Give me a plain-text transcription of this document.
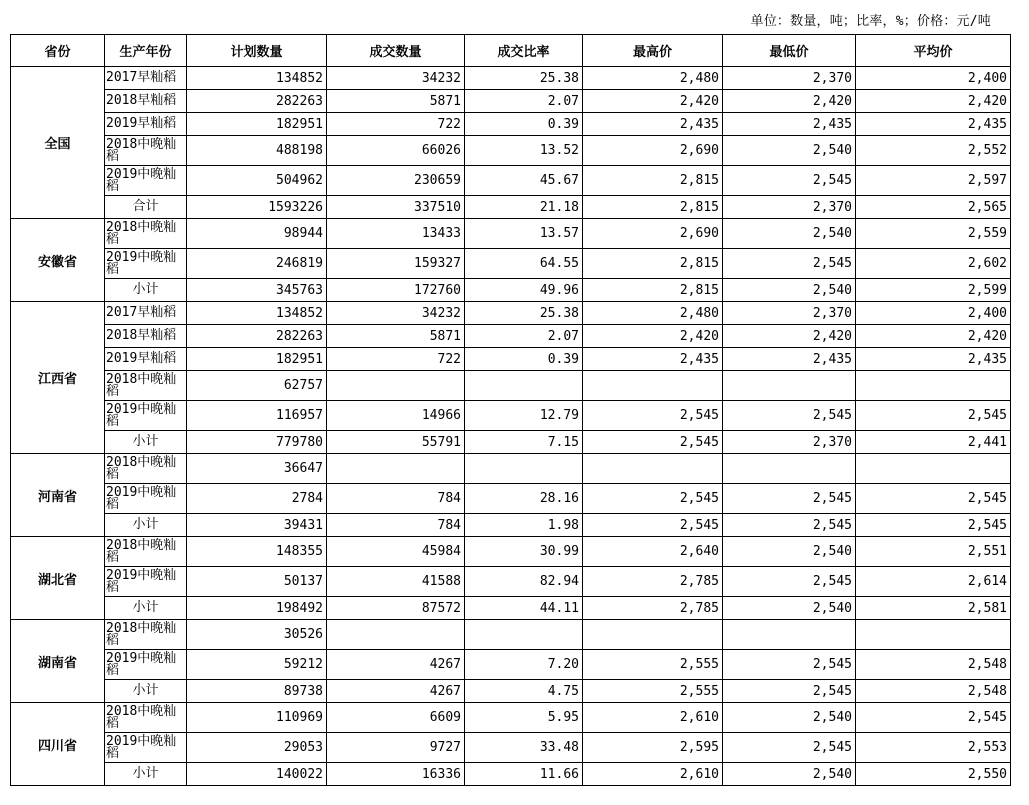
单位：数量，吨；比率，%；价格：元/吨
省份	生产年份	计划数量	成交数量	成交比率	最高价	最低价	平均价
全国	2017早籼稻	134852	34232	25.38	2,480	2,370	2,400
	2018早籼稻	282263	5871	2.07	2,420	2,420	2,420
	2019早籼稻	182951	722	0.39	2,435	2,435	2,435
	2018中晚籼稻	488198	66026	13.52	2,690	2,540	2,552
	2019中晚籼稻	504962	230659	45.67	2,815	2,545	2,597
	合计	1593226	337510	21.18	2,815	2,370	2,565
安徽省	2018中晚籼稻	98944	13433	13.57	2,690	2,540	2,559
	2019中晚籼稻	246819	159327	64.55	2,815	2,545	2,602
	小计	345763	172760	49.96	2,815	2,540	2,599
江西省	2017早籼稻	134852	34232	25.38	2,480	2,370	2,400
	2018早籼稻	282263	5871	2.07	2,420	2,420	2,420
	2019早籼稻	182951	722	0.39	2,435	2,435	2,435
	2018中晚籼稻	62757					
	2019中晚籼稻	116957	14966	12.79	2,545	2,545	2,545
	小计	779780	55791	7.15	2,545	2,370	2,441
河南省	2018中晚籼稻	36647					
	2019中晚籼稻	2784	784	28.16	2,545	2,545	2,545
	小计	39431	784	1.98	2,545	2,545	2,545
湖北省	2018中晚籼稻	148355	45984	30.99	2,640	2,540	2,551
	2019中晚籼稻	50137	41588	82.94	2,785	2,545	2,614
	小计	198492	87572	44.11	2,785	2,540	2,581
湖南省	2018中晚籼稻	30526					
	2019中晚籼稻	59212	4267	7.20	2,555	2,545	2,548
	小计	89738	4267	4.75	2,555	2,545	2,548
四川省	2018中晚籼稻	110969	6609	5.95	2,610	2,540	2,545
	2019中晚籼稻	29053	9727	33.48	2,595	2,545	2,553
	小计	140022	16336	11.66	2,610	2,540	2,550
